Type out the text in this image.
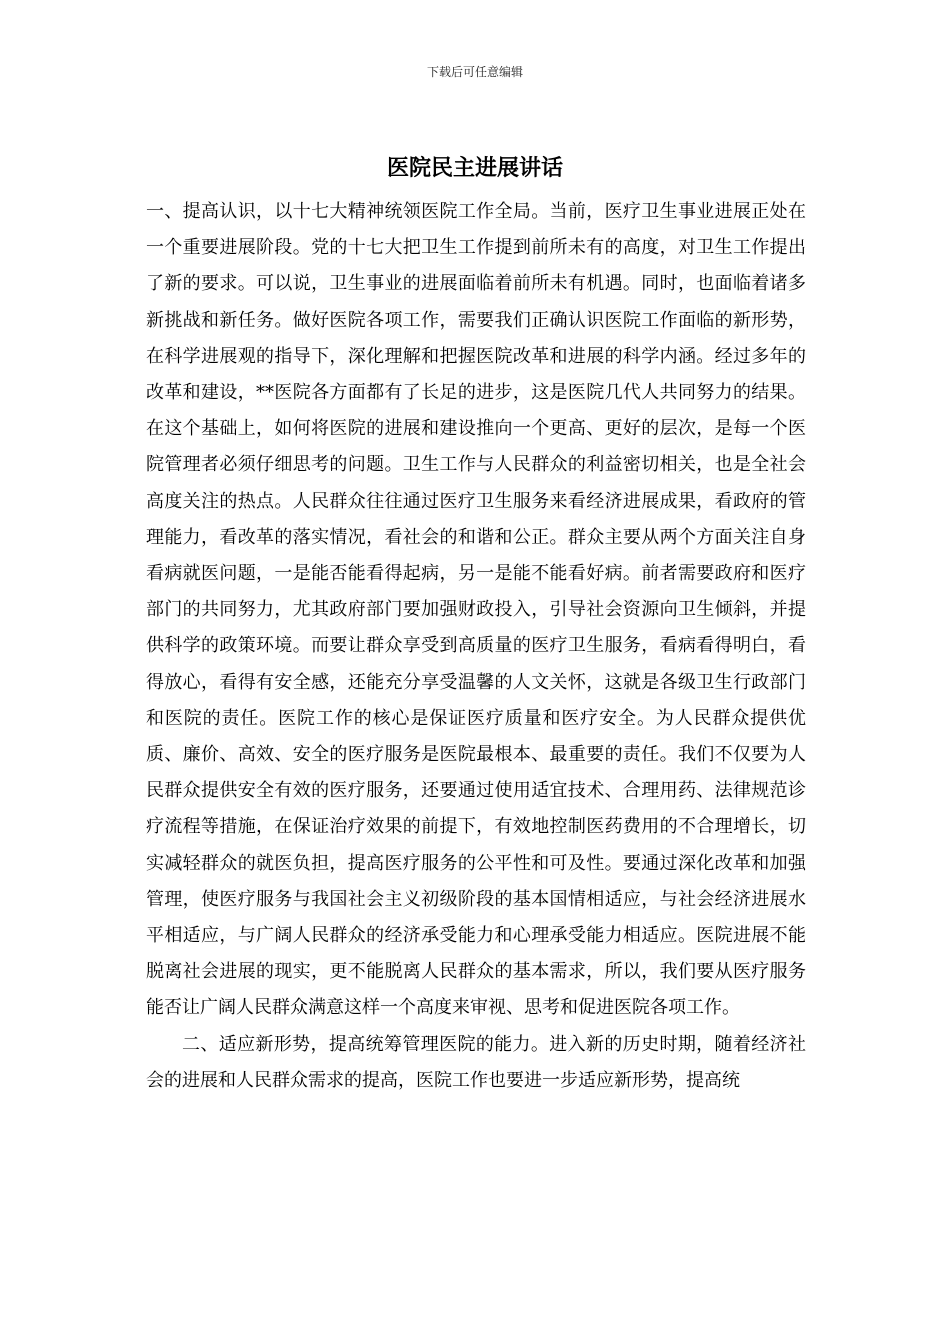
下载后可任意编辑
医院民主进展讲话

一、提高认识，以十七大精神统领医院工作全局。当前，医疗卫生事业进展正处在一个重要进展阶段。党的十七大把卫生工作提到前所未有的高度，对卫生工作提出了新的要求。可以说，卫生事业的进展面临着前所未有机遇。同时，也面临着诸多新挑战和新任务。做好医院各项工作，需要我们正确认识医院工作面临的新形势，在科学进展观的指导下，深化理解和把握医院改革和进展的科学内涵。经过多年的改革和建设，**医院各方面都有了长足的进步，这是医院几代人共同努力的结果。在这个基础上，如何将医院的进展和建设推向一个更高、更好的层次，是每一个医院管理者必须仔细思考的问题。卫生工作与人民群众的利益密切相关，也是全社会高度关注的热点。人民群众往往通过医疗卫生服务来看经济进展成果，看政府的管理能力，看改革的落实情况，看社会的和谐和公正。群众主要从两个方面关注自身看病就医问题，一是能否能看得起病，另一是能不能看好病。前者需要政府和医疗部门的共同努力，尤其政府部门要加强财政投入，引导社会资源向卫生倾斜，并提供科学的政策环境。而要让群众享受到高质量的医疗卫生服务，看病看得明白，看得放心，看得有安全感，还能充分享受温馨的人文关怀，这就是各级卫生行政部门和医院的责任。医院工作的核心是保证医疗质量和医疗安全。为人民群众提供优质、廉价、高效、安全的医疗服务是医院最根本、最重要的责任。我们不仅要为人民群众提供安全有效的医疗服务，还要通过使用适宜技术、合理用药、法律规范诊疗流程等措施，在保证治疗效果的前提下，有效地控制医药费用的不合理增长，切实减轻群众的就医负担，提高医疗服务的公平性和可及性。要通过深化改革和加强管理，使医疗服务与我国社会主义初级阶段的基本国情相适应，与社会经济进展水平相适应，与广阔人民群众的经济承受能力和心理承受能力相适应。医院进展不能脱离社会进展的现实，更不能脱离人民群众的基本需求，所以，我们要从医疗服务能否让广阔人民群众满意这样一个高度来审视、思考和促进医院各项工作。

二、适应新形势，提高统筹管理医院的能力。进入新的历史时期，随着经济社会的进展和人民群众需求的提高，医院工作也要进一步适应新形势，提高统
